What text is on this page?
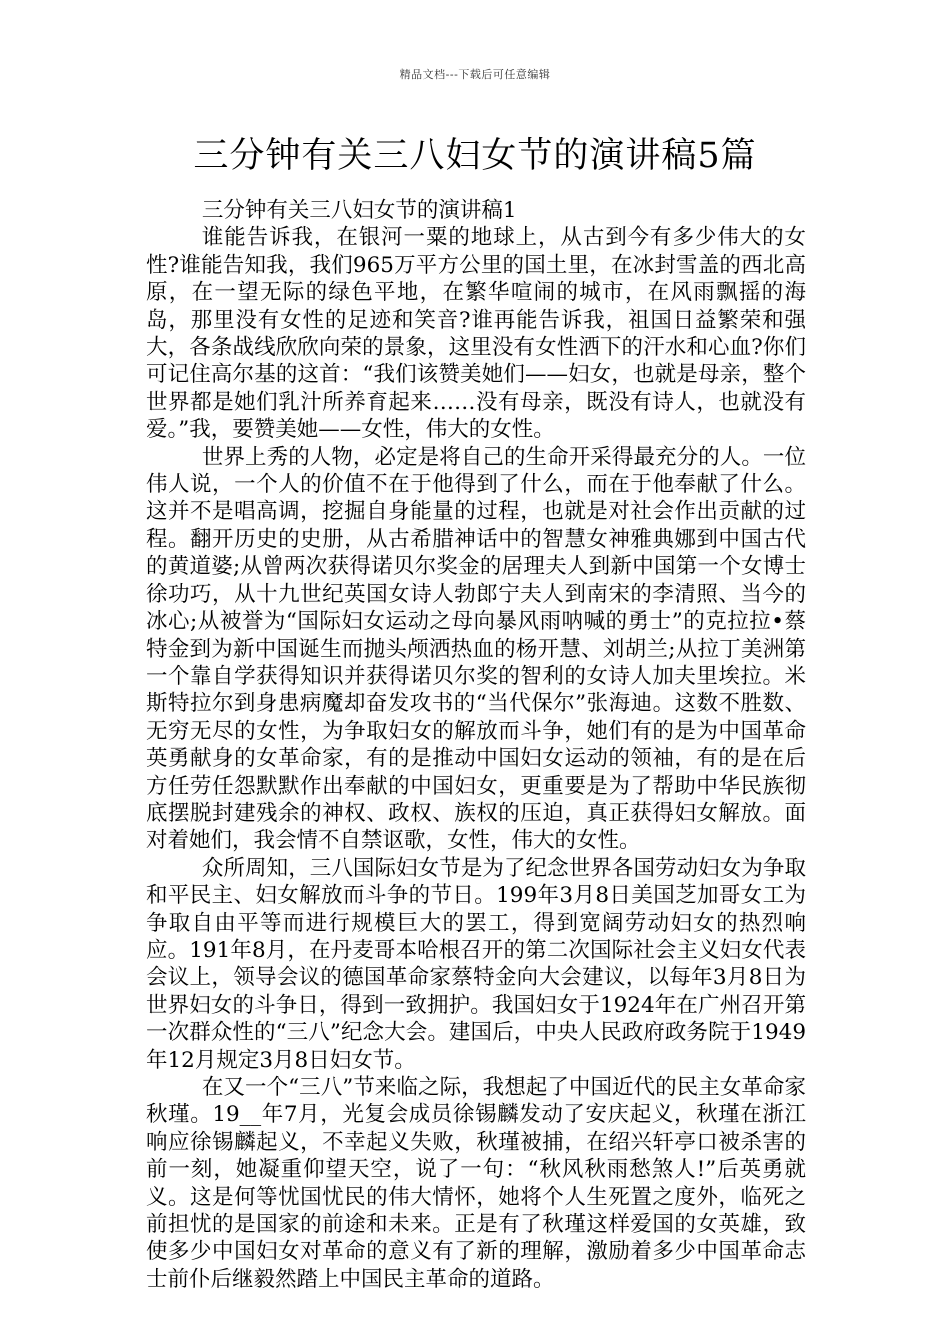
精品文档---下载后可任意编辑
三分钟有关三八妇女节的演讲稿5篇

三分钟有关三八妇女节的演讲稿1

谁能告诉我，在银河一粟的地球上，从古到今有多少伟大的女性?谁能告知我，我们965万平方公里的国土里，在冰封雪盖的西北高原，在一望无际的绿色平地，在繁华喧闹的城市，在风雨飘摇的海岛，那里没有女性的足迹和笑音?谁再能告诉我，祖国日益繁荣和强大，各条战线欣欣向荣的景象，这里没有女性洒下的汗水和心血?你们可记住高尔基的这首：“我们该赞美她们——妇女，也就是母亲，整个世界都是她们乳汁所养育起来……没有母亲，既没有诗人，也就没有爱。”我，要赞美她——女性，伟大的女性。

世界上秀的人物，必定是将自己的生命开采得最充分的人。一位伟人说，一个人的价值不在于他得到了什么，而在于他奉献了什么。这并不是唱高调，挖掘自身能量的过程，也就是对社会作出贡献的过程。翻开历史的史册，从古希腊神话中的智慧女神雅典娜到中国古代的黄道婆;从曾两次获得诺贝尔奖金的居理夫人到新中国第一个女博士徐功巧，从十九世纪英国女诗人勃郎宁夫人到南宋的李清照、当今的冰心;从被誉为“国际妇女运动之母向暴风雨呐喊的勇士”的克拉拉•蔡特金到为新中国诞生而抛头颅洒热血的杨开慧、刘胡兰;从拉丁美洲第一个靠自学获得知识并获得诺贝尔奖的智利的女诗人加夫里埃拉。米斯特拉尔到身患病魔却奋发攻书的“当代保尔”张海迪。这数不胜数、无穷无尽的女性，为争取妇女的解放而斗争，她们有的是为中国革命英勇献身的女革命家，有的是推动中国妇女运动的领袖，有的是在后方任劳任怨默默作出奉献的中国妇女，更重要是为了帮助中华民族彻底摆脱封建残余的神权、政权、族权的压迫，真正获得妇女解放。面对着她们，我会情不自禁讴歌，女性，伟大的女性。

众所周知，三八国际妇女节是为了纪念世界各国劳动妇女为争取和平民主、妇女解放而斗争的节日。199年3月8日美国芝加哥女工为争取自由平等而进行规模巨大的罢工，得到宽阔劳动妇女的热烈响应。191年8月，在丹麦哥本哈根召开的第二次国际社会主义妇女代表会议上，领导会议的德国革命家蔡特金向大会建议，以每年3月8日为世界妇女的斗争日，得到一致拥护。我国妇女于1924年在广州召开第一次群众性的“三八”纪念大会。建国后，中央人民政府政务院于1949年12月规定3月8日妇女节。

在又一个“三八”节来临之际，我想起了中国近代的民主女革命家秋瑾。19__年7月，光复会成员徐锡麟发动了安庆起义，秋瑾在浙江响应徐锡麟起义，不幸起义失败，秋瑾被捕，在绍兴轩亭口被杀害的前一刻，她凝重仰望天空，说了一句：“秋风秋雨愁煞人!”后英勇就义。这是何等忧国忧民的伟大情怀，她将个人生死置之度外，临死之前担忧的是国家的前途和未来。正是有了秋瑾这样爱国的女英雄，致使多少中国妇女对革命的意义有了新的理解，激励着多少中国革命志士前仆后继毅然踏上中国民主革命的道路。
